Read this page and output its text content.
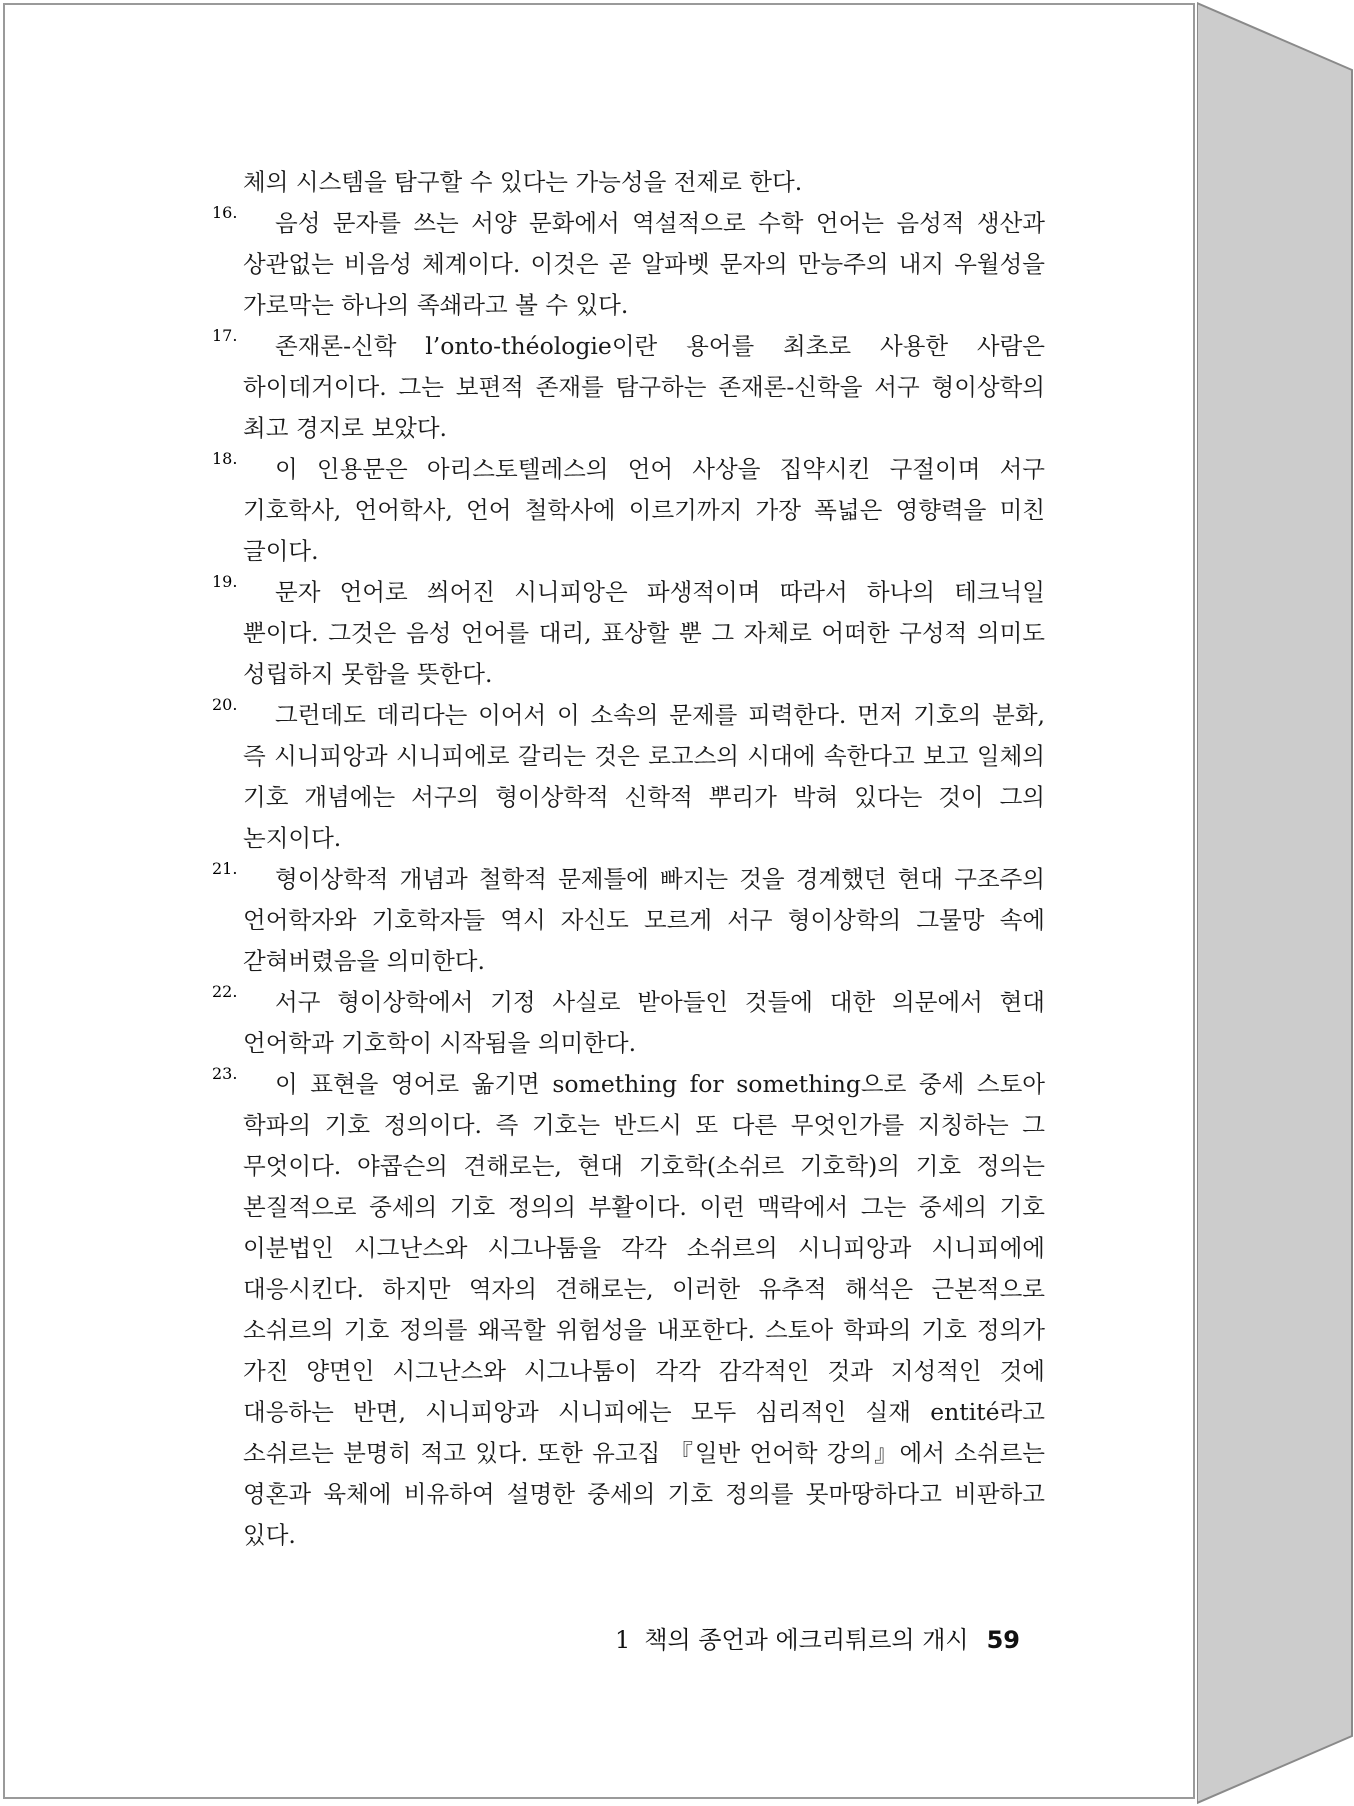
체의 시스템을 탐구할 수 있다는 가능성을 전제로 한다.
16.	음성 문자를 쓰는 서양 문화에서 역설적으로 수학 언어는 음성적 생산과 상관없는 비음성 체계이다. 이것은 곧 알파벳 문자의 만능주의 내지 우월성을 가로막는 하나의 족쇄라고 볼 수 있다.
17.	존재론-신학 l’onto-théologie이란 용어를 최초로 사용한 사람은 하이데거이다. 그는 보편적 존재를 탐구하는 존재론-신학을 서구 형이상학의 최고 경지로 보았다.
18.	이 인용문은 아리스토텔레스의 언어 사상을 집약시킨 구절이며 서구 기호학사, 언어학사, 언어 철학사에 이르기까지 가장 폭넓은 영향력을 미친 글이다.
19.	문자 언어로 씌어진 시니피앙은 파생적이며 따라서 하나의 테크닉일 뿐이다. 그것은 음성 언어를 대리, 표상할 뿐 그 자체로 어떠한 구성적 의미도 성립하지 못함을 뜻한다.
20.	그런데도 데리다는 이어서 이 소속의 문제를 피력한다. 먼저 기호의 분화, 즉 시니피앙과 시니피에로 갈리는 것은 로고스의 시대에 속한다고 보고 일체의 기호 개념에는 서구의 형이상학적 신학적 뿌리가 박혀 있다는 것이 그의 논지이다.
21.	형이상학적 개념과 철학적 문제틀에 빠지는 것을 경계했던 현대 구조주의 언어학자와 기호학자들 역시 자신도 모르게 서구 형이상학의 그물망 속에 갇혀버렸음을 의미한다.
22.	서구 형이상학에서 기정 사실로 받아들인 것들에 대한 의문에서 현대 언어학과 기호학이 시작됨을 의미한다.
23.	이 표현을 영어로 옮기면 something for something으로 중세 스토아 학파의 기호 정의이다. 즉 기호는 반드시 또 다른 무엇인가를 지칭하는 그 무엇이다. 야콥슨의 견해로는, 현대 기호학(소쉬르 기호학)의 기호 정의는 본질적으로 중세의 기호 정의의 부활이다. 이런 맥락에서 그는 중세의 기호 이분법인 시그난스와 시그나툼을 각각 소쉬르의 시니피앙과 시니피에에 대응시킨다. 하지만 역자의 견해로는, 이러한 유추적 해석은 근본적으로 소쉬르의 기호 정의를 왜곡할 위험성을 내포한다. 스토아 학파의 기호 정의가 가진 양면인 시그난스와 시그나툼이 각각 감각적인 것과 지성적인 것에 대응하는 반면, 시니피앙과 시니피에는 모두 심리적인 실재 entité라고 소쉬르는 분명히 적고 있다. 또한 유고집 『일반 언어학 강의』에서 소쉬르는 영혼과 육체에 비유하여 설명한 중세의 기호 정의를 못마땅하다고 비판하고 있다.
1 책의 종언과 에크리튀르의 개시 59
